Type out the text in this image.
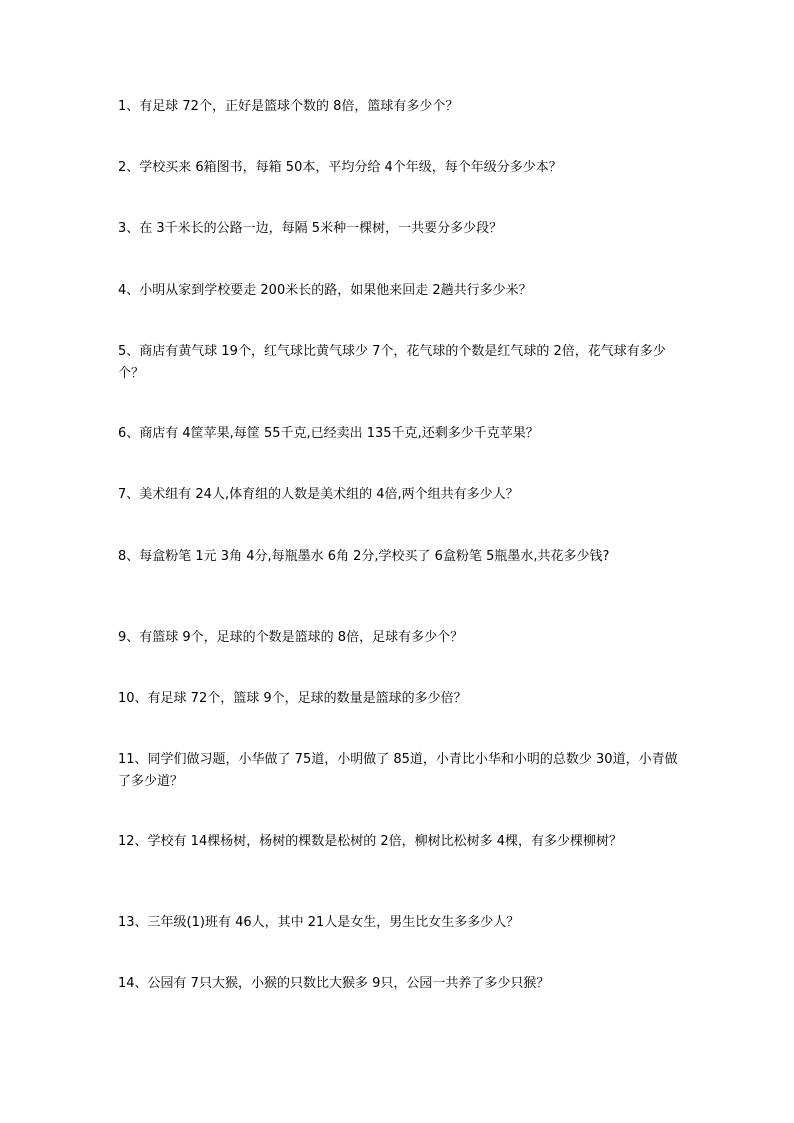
1、有足球 72个，正好是篮球个数的 8倍，篮球有多少个？
2、学校买来 6箱图书，每箱 50本，平均分给 4个年级，每个年级分多少本？
3、在 3千米长的公路一边，每隔 5米种一棵树，一共要分多少段？
4、小明从家到学校要走 200米长的路，如果他来回走 2趟共行多少米？
5、商店有黄气球 19个，红气球比黄气球少 7个，花气球的个数是红气球的 2倍，花气球有多少个？
6、商店有 4筐苹果,每筐 55千克,已经卖出 135千克,还剩多少千克苹果？
7、美术组有 24人,体育组的人数是美术组的 4倍,两个组共有多少人？
8、每盒粉笔 1元 3角 4分,每瓶墨水 6角 2分,学校买了 6盒粉笔 5瓶墨水,共花多少钱?
9、有篮球 9个，足球的个数是篮球的 8倍，足球有多少个？
10、有足球 72个，篮球 9个，足球的数量是篮球的多少倍？
11、同学们做习题，小华做了 75道，小明做了 85道，小青比小华和小明的总数少 30道，小青做了多少道？
12、学校有 14棵杨树，杨树的棵数是松树的 2倍，柳树比松树多 4棵，有多少棵柳树？
13、三年级(1)班有 46人，其中 21人是女生，男生比女生多多少人？
14、公园有 7只大猴，小猴的只数比大猴多 9只，公园一共养了多少只猴？
